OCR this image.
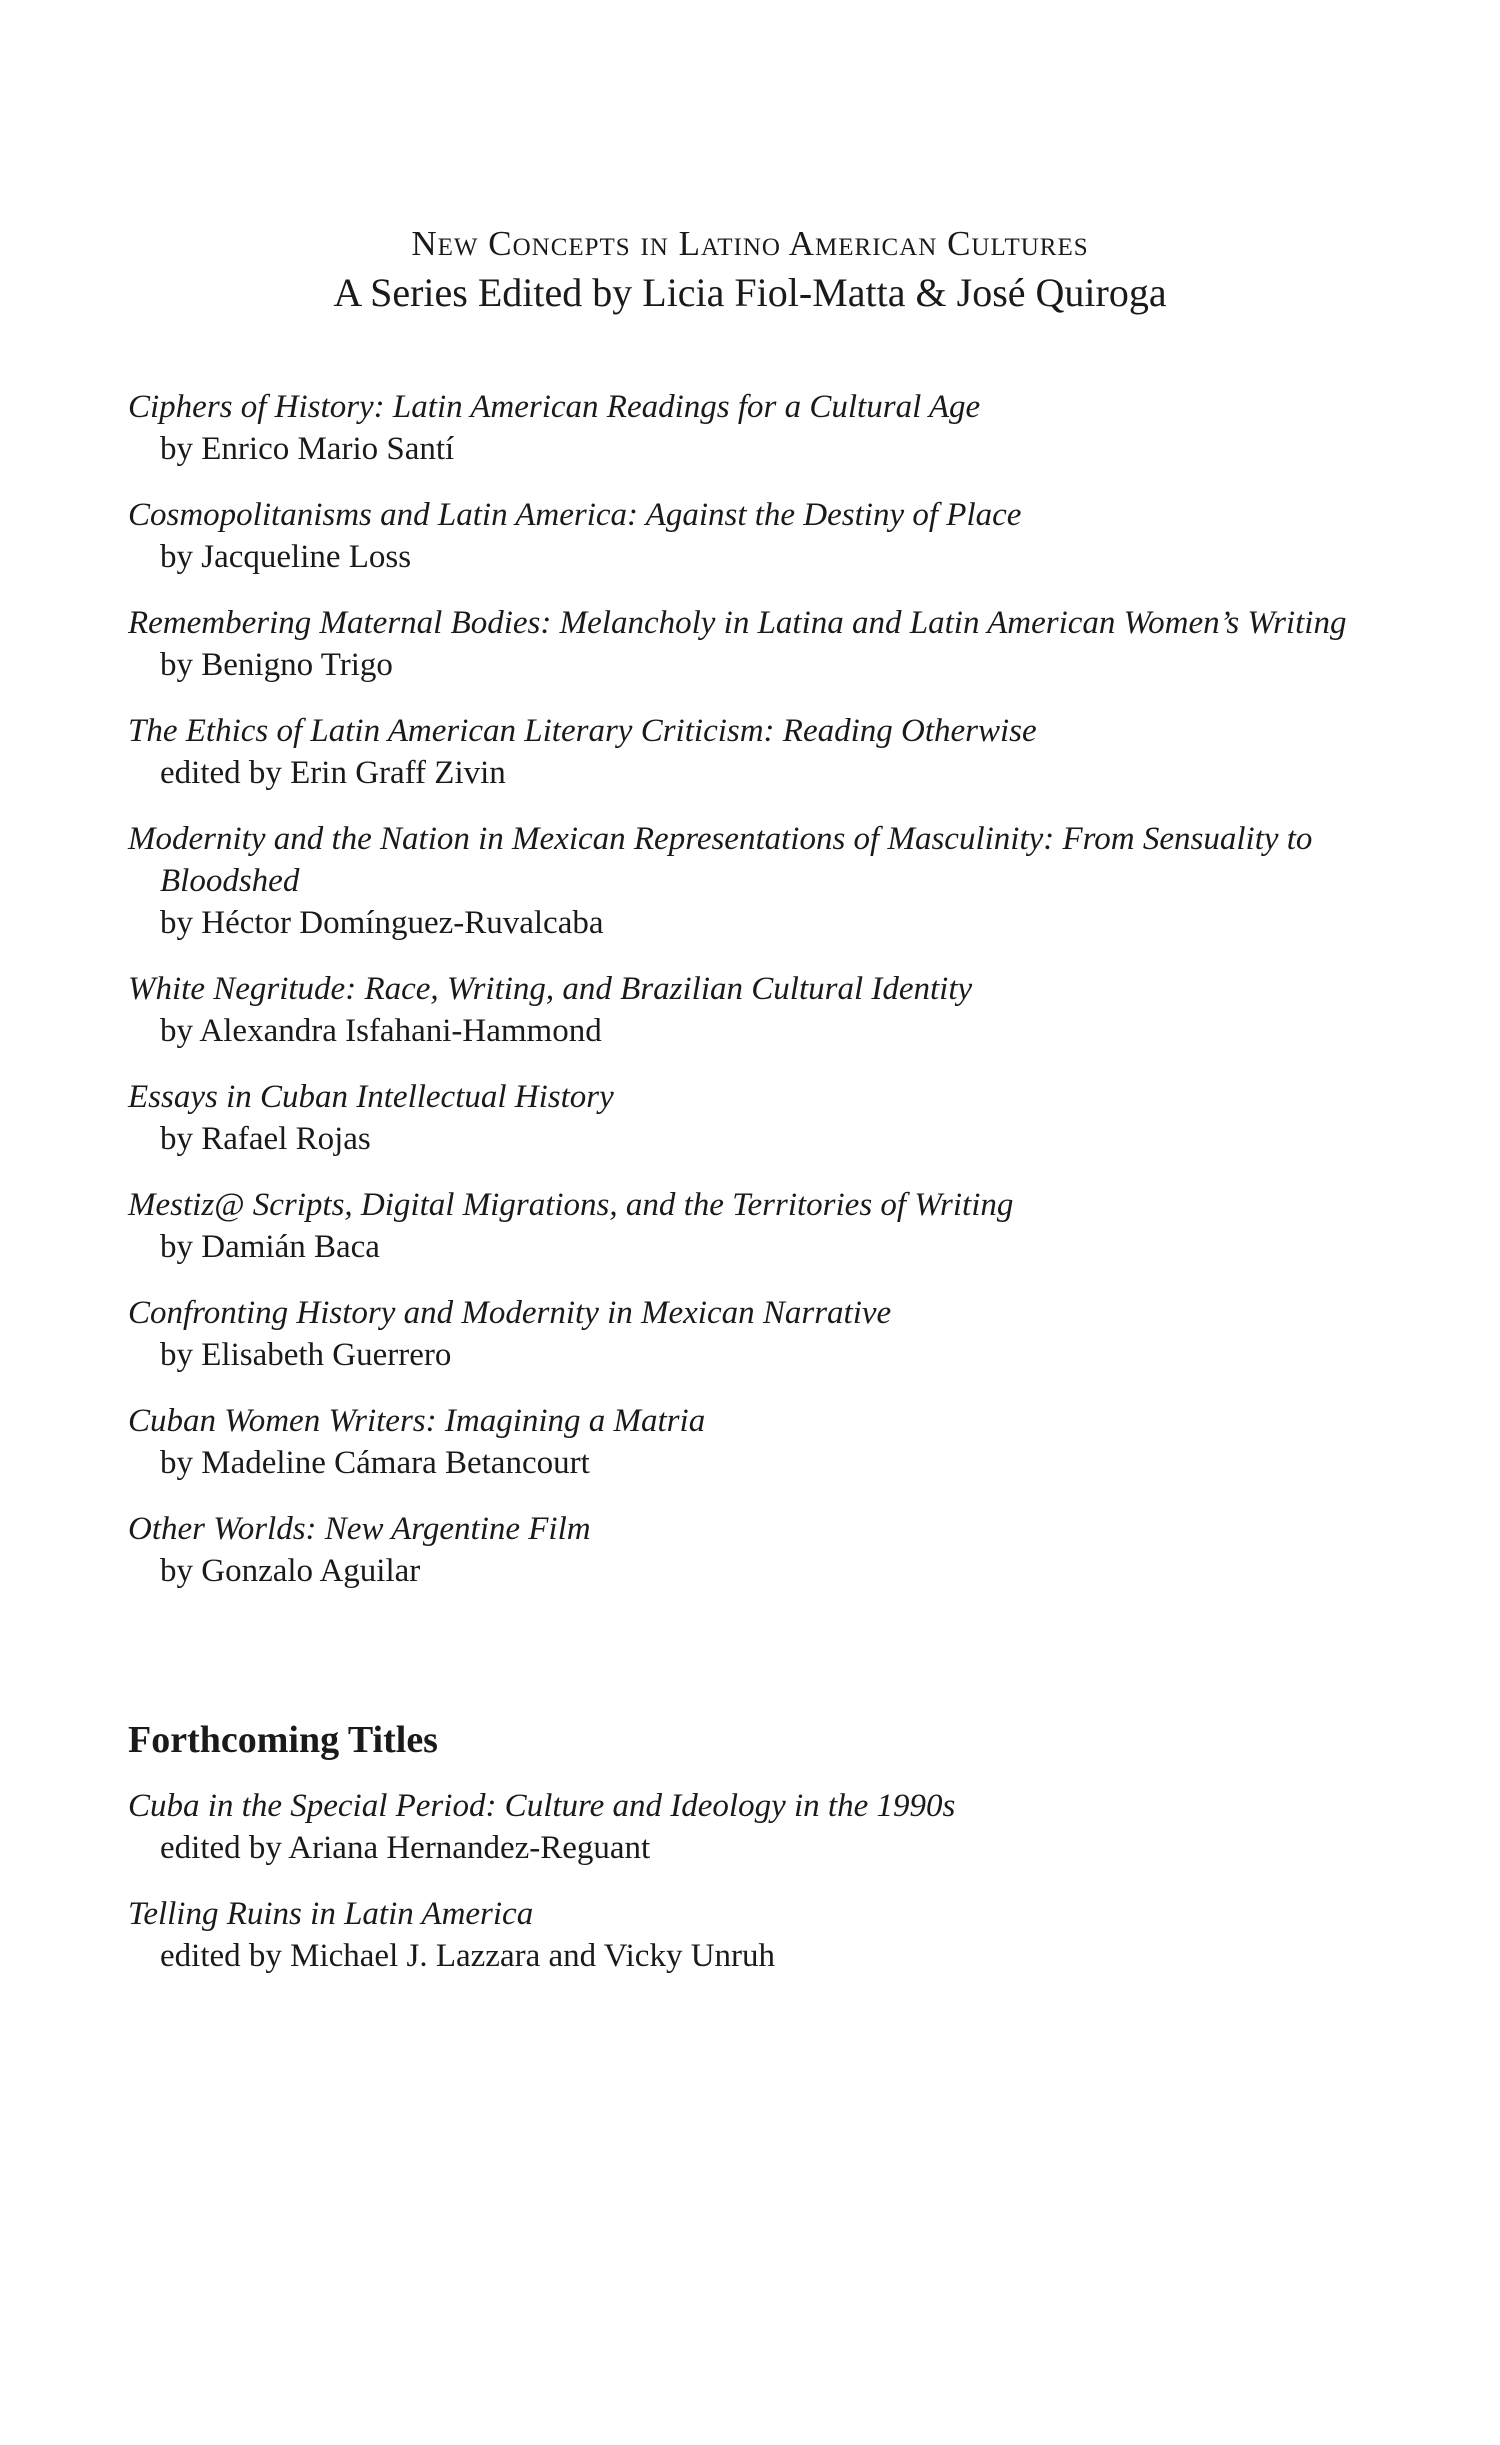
New Concepts in Latino American Cultures
A Series Edited by Licia Fiol-Matta & José Quiroga
Ciphers of History: Latin American Readings for a Cultural Age
by Enrico Mario Santí
Cosmopolitanisms and Latin America: Against the Destiny of Place
by Jacqueline Loss
Remembering Maternal Bodies: Melancholy in Latina and Latin American Women’s Writing
by Benigno Trigo
The Ethics of Latin American Literary Criticism: Reading Otherwise
edited by Erin Graff Zivin
Modernity and the Nation in Mexican Representations of Masculinity: From Sensuality to Bloodshed
by Héctor Domínguez-Ruvalcaba
White Negritude: Race, Writing, and Brazilian Cultural Identity
by Alexandra Isfahani-Hammond
Essays in Cuban Intellectual History
by Rafael Rojas
Mestiz@ Scripts, Digital Migrations, and the Territories of Writing
by Damián Baca
Confronting History and Modernity in Mexican Narrative
by Elisabeth Guerrero
Cuban Women Writers: Imagining a Matria
by Madeline Cámara Betancourt
Other Worlds: New Argentine Film
by Gonzalo Aguilar
Forthcoming Titles
Cuba in the Special Period: Culture and Ideology in the 1990s
edited by Ariana Hernandez-Reguant
Telling Ruins in Latin America
edited by Michael J. Lazzara and Vicky Unruh
